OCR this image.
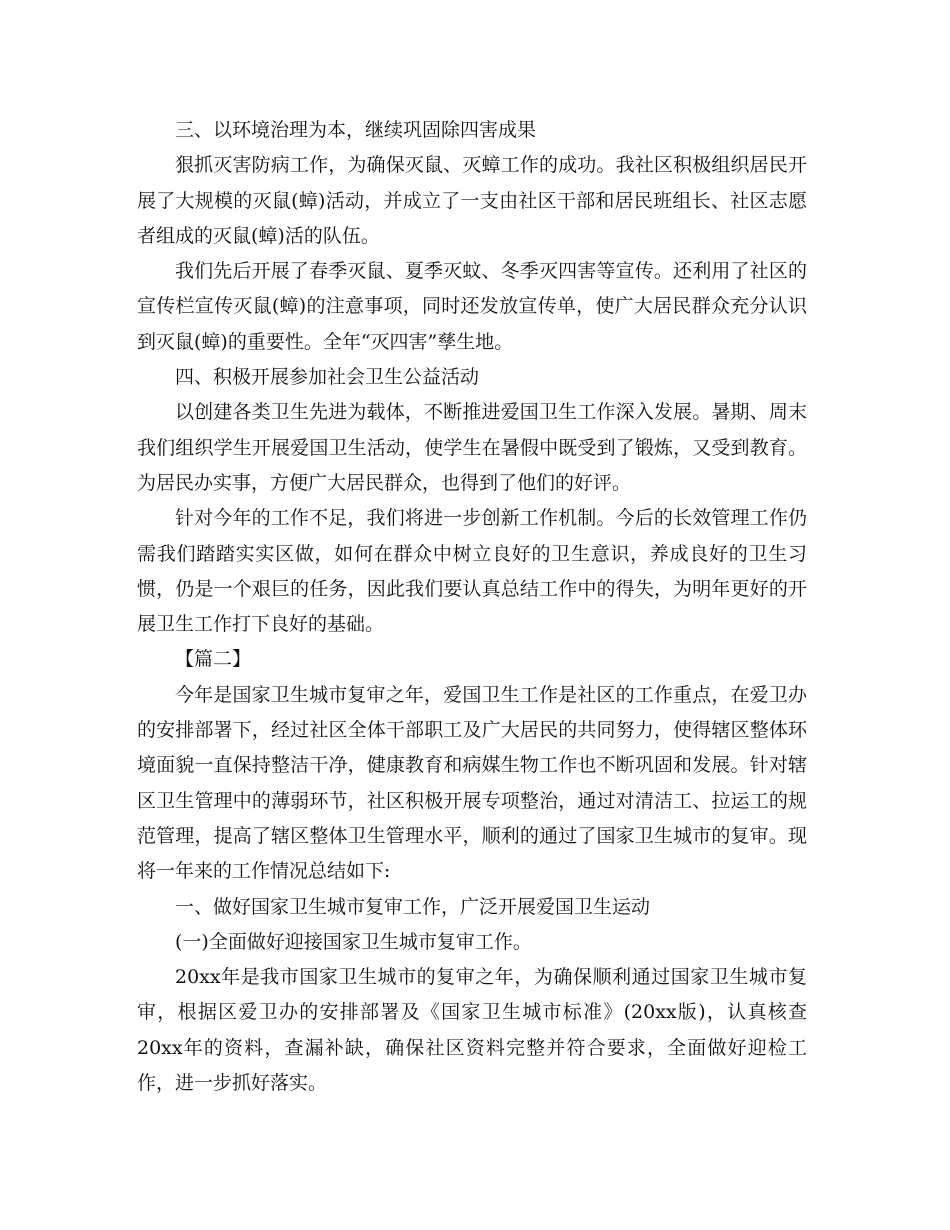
三、以环境治理为本，继续巩固除四害成果

狠抓灭害防病工作，为确保灭鼠、灭蟑工作的成功。我社区积极组织居民开展了大规模的灭鼠(蟑)活动，并成立了一支由社区干部和居民班组长、社区志愿者组成的灭鼠(蟑)活的队伍。

我们先后开展了春季灭鼠、夏季灭蚊、冬季灭四害等宣传。还利用了社区的宣传栏宣传灭鼠(蟑)的注意事项，同时还发放宣传单，使广大居民群众充分认识到灭鼠(蟑)的重要性。全年“灭四害”孳生地。

四、积极开展参加社会卫生公益活动

以创建各类卫生先进为载体，不断推进爱国卫生工作深入发展。暑期、周末我们组织学生开展爱国卫生活动，使学生在暑假中既受到了锻炼，又受到教育。为居民办实事，方便广大居民群众，也得到了他们的好评。

针对今年的工作不足，我们将进一步创新工作机制。今后的长效管理工作仍需我们踏踏实实区做，如何在群众中树立良好的卫生意识，养成良好的卫生习惯，仍是一个艰巨的任务，因此我们要认真总结工作中的得失，为明年更好的开展卫生工作打下良好的基础。

【篇二】

今年是国家卫生城市复审之年，爱国卫生工作是社区的工作重点，在爱卫办的安排部署下，经过社区全体干部职工及广大居民的共同努力，使得辖区整体环境面貌一直保持整洁干净，健康教育和病媒生物工作也不断巩固和发展。针对辖区卫生管理中的薄弱环节，社区积极开展专项整治，通过对清洁工、拉运工的规范管理，提高了辖区整体卫生管理水平，顺利的通过了国家卫生城市的复审。现将一年来的工作情况总结如下:

一、做好国家卫生城市复审工作，广泛开展爱国卫生运动

(一)全面做好迎接国家卫生城市复审工作。

20xx年是我市国家卫生城市的复审之年，为确保顺利通过国家卫生城市复审，根据区爱卫办的安排部署及《国家卫生城市标准》(20xx版)，认真核查20xx年的资料，查漏补缺，确保社区资料完整并符合要求，全面做好迎检工作，进一步抓好落实。
